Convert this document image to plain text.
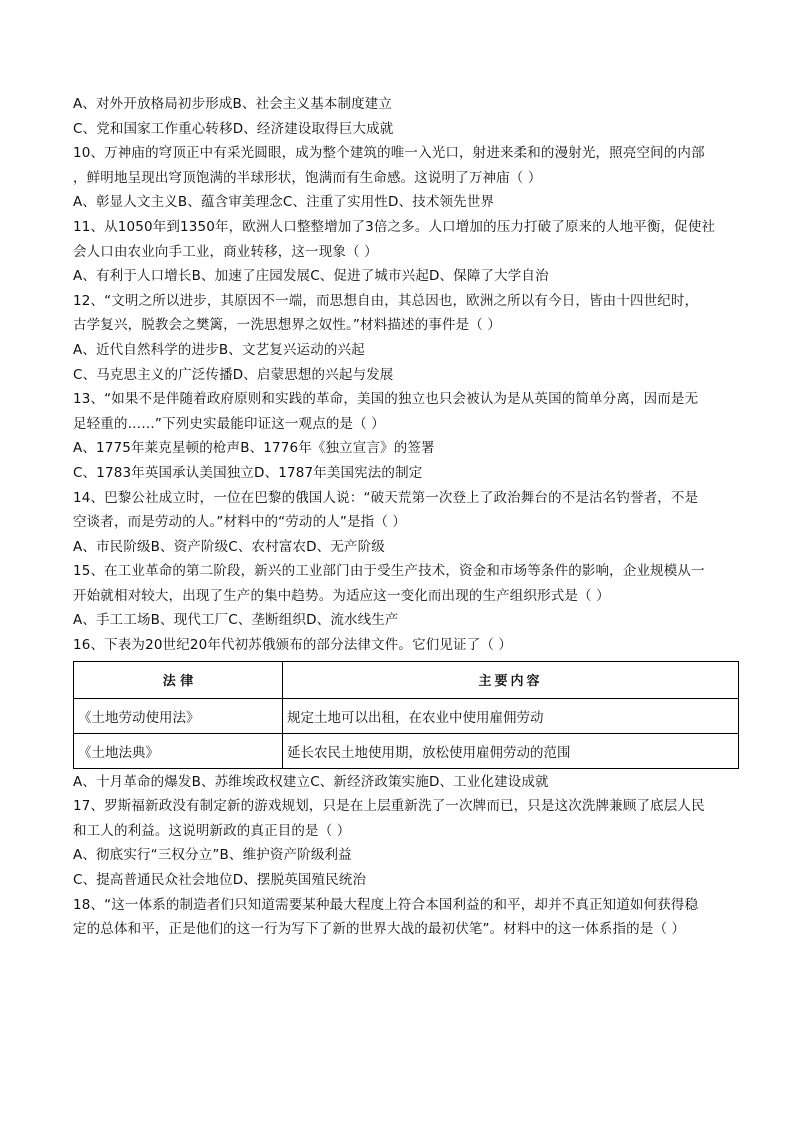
A、对外开放格局初步形成B、社会主义基本制度建立
C、党和国家工作重心转移D、经济建设取得巨大成就
10、万神庙的穹顶正中有采光圆眼，成为整个建筑的唯一入光口，射进来柔和的漫射光，照亮空间的内部
，鲜明地呈现出穹顶饱满的半球形状，饱满而有生命感。这说明了万神庙（ ）
A、彰显人文主义B、蕴含审美理念C、注重了实用性D、技术领先世界
11、从1050年到1350年，欧洲人口整整增加了3倍之多。人口增加的压力打破了原来的人地平衡，促使社
会人口由农业向手工业，商业转移，这一现象（ ）
A、有利于人口增长B、加速了庄园发展C、促进了城市兴起D、保障了大学自治
12、“文明之所以进步，其原因不一端，而思想自由，其总因也，欧洲之所以有今日，皆由十四世纪时，
古学复兴，脱教会之樊篱，一洗思想界之奴性。”材料描述的事件是（ ）
A、近代自然科学的进步B、文艺复兴运动的兴起
C、马克思主义的广泛传播D、启蒙思想的兴起与发展
13、“如果不是伴随着政府原则和实践的革命，美国的独立也只会被认为是从英国的简单分离，因而是无
足轻重的……”下列史实最能印证这一观点的是（ ）
A、1775年莱克星顿的枪声B、1776年《独立宣言》的签署
C、1783年英国承认美国独立D、1787年美国宪法的制定
14、巴黎公社成立时，一位在巴黎的俄国人说：“破天荒第一次登上了政治舞台的不是沽名钓誉者，不是
空谈者，而是劳动的人。”材料中的“劳动的人”是指（ ）
A、市民阶级B、资产阶级C、农村富农D、无产阶级
15、在工业革命的第二阶段，新兴的工业部门由于受生产技术，资金和市场等条件的影响，企业规模从一
开始就相对较大，出现了生产的集中趋势。为适应这一变化而出现的生产组织形式是（ ）
A、手工工场B、现代工厂C、垄断组织D、流水线生产
16、下表为20世纪20年代初苏俄颁布的部分法律文件。它们见证了（ ）
法 律	主要内容
《土地劳动使用法》	规定土地可以出租，在农业中使用雇佣劳动
《土地法典》	延长农民土地使用期，放松使用雇佣劳动的范围
A、十月革命的爆发B、苏维埃政权建立C、新经济政策实施D、工业化建设成就
17、罗斯福新政没有制定新的游戏规划，只是在上层重新洗了一次牌而已，只是这次洗牌兼顾了底层人民
和工人的利益。这说明新政的真正目的是（ ）
A、彻底实行“三权分立”B、维护资产阶级利益
C、提高普通民众社会地位D、摆脱英国殖民统治
18、“这一体系的制造者们只知道需要某种最大程度上符合本国利益的和平，却并不真正知道如何获得稳
定的总体和平，正是他们的这一行为写下了新的世界大战的最初伏笔”。材料中的这一体系指的是（ ）
